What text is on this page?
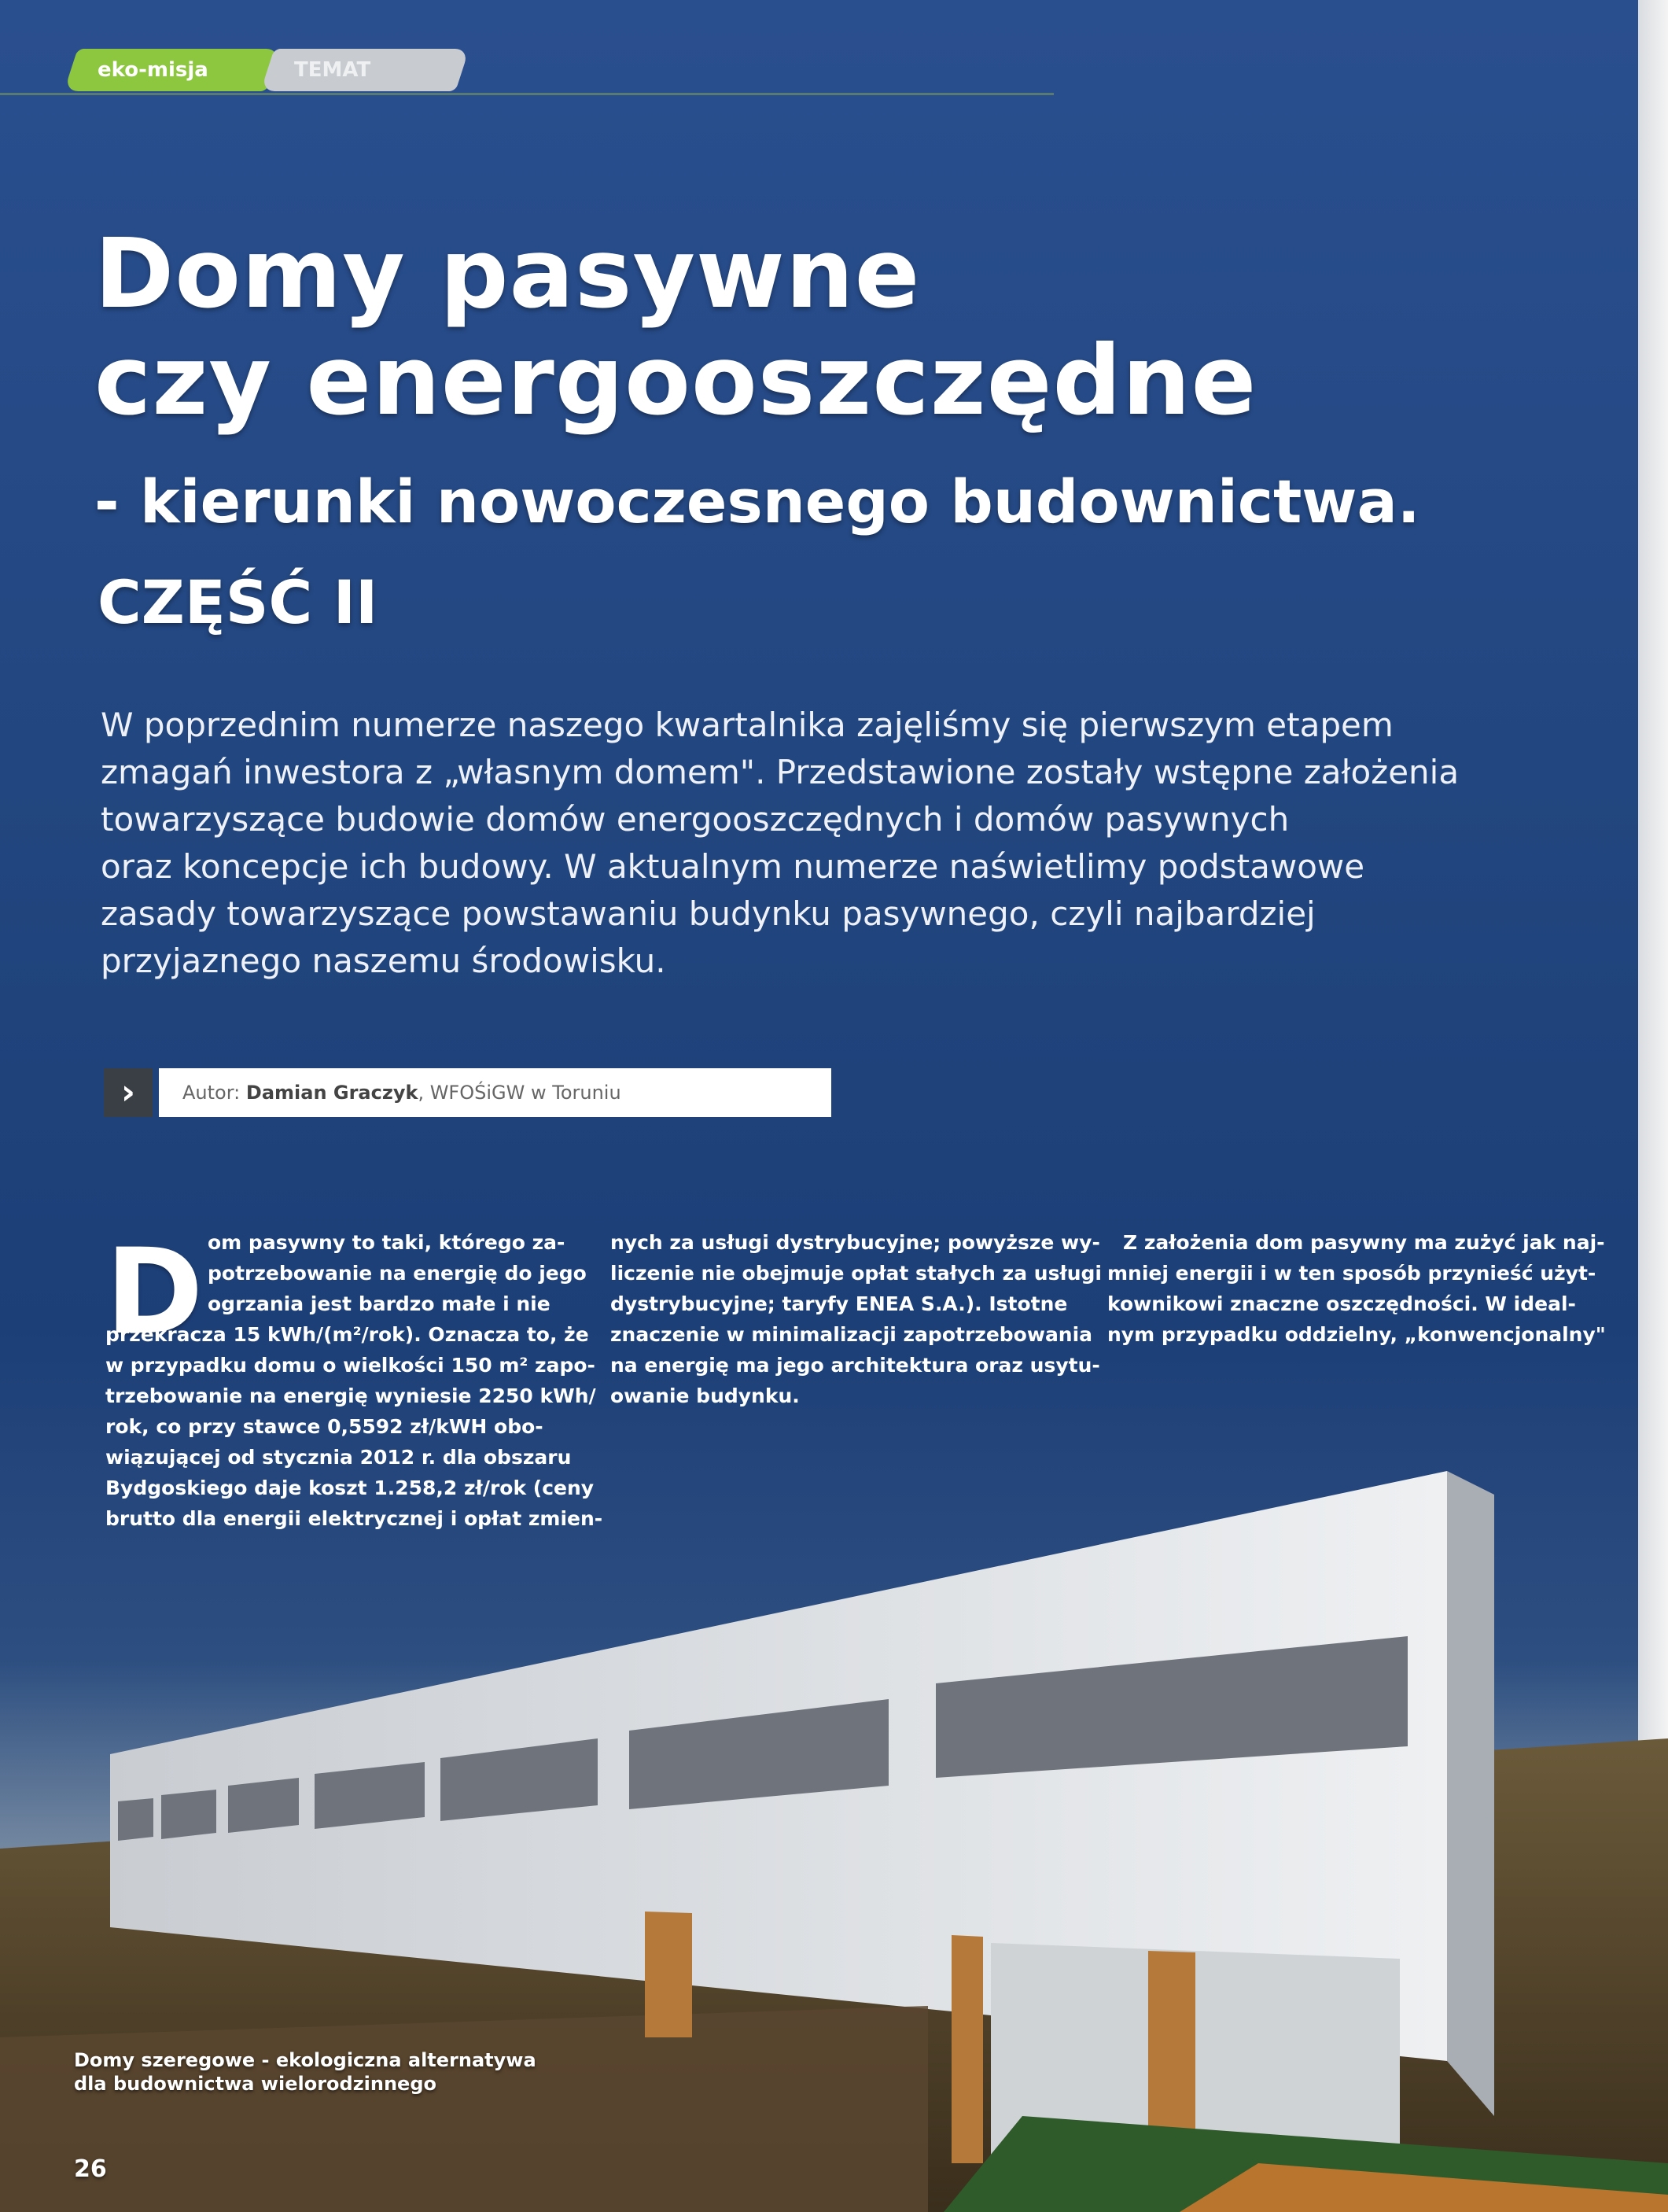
eko-misja	TEMAT
Domy pasywne
czy energooszczędne
- kierunki nowoczesnego budownictwa.
CZĘŚĆ II

W poprzednim numerze naszego kwartalnika zajęliśmy się pierwszym etapem

zmagań inwestora z „własnym domem". Przedstawione zostały wstępne założenia

towarzyszące budowie domów energooszczędnych i domów pasywnych

oraz koncepcje ich budowy. W aktualnym numerze naświetlimy podstawowe

zasady towarzyszące powstawaniu budynku pasywnego, czyli najbardziej

przyjaznego naszemu środowisku.

›	Autor: Damian Graczyk, WFOŚiGW w Toruniu
D om pasywny to taki, którego za-

potrzebowanie na energię do jego

ogrzania jest bardzo małe i nie

przekracza 15 kWh/(m²/rok). Oznacza to, że

w przypadku domu o wielkości 150 m² zapo-

trzebowanie na energię wyniesie 2250 kWh/

rok, co przy stawce 0,5592 zł/kWH obo-

wiązującej od stycznia 2012 r. dla obszaru

Bydgoskiego daje koszt 1.258,2 zł/rok (ceny

brutto dla energii elektrycznej i opłat zmien-

nych za usługi dystrybucyjne; powyższe wy-

liczenie nie obejmuje opłat stałych za usługi

dystrybucyjne; taryfy ENEA S.A.). Istotne

znaczenie w minimalizacji zapotrzebowania

na energię ma jego architektura oraz usytu-

owanie budynku.

Z założenia dom pasywny ma zużyć jak naj-

mniej energii i w ten sposób przynieść użyt-

kownikowi znaczne oszczędności. W ideal-

nym przypadku oddzielny, „konwencjonalny"

Domy szeregowe - ekologiczna alternatywa

dla budownictwa wielorodzinnego

26
